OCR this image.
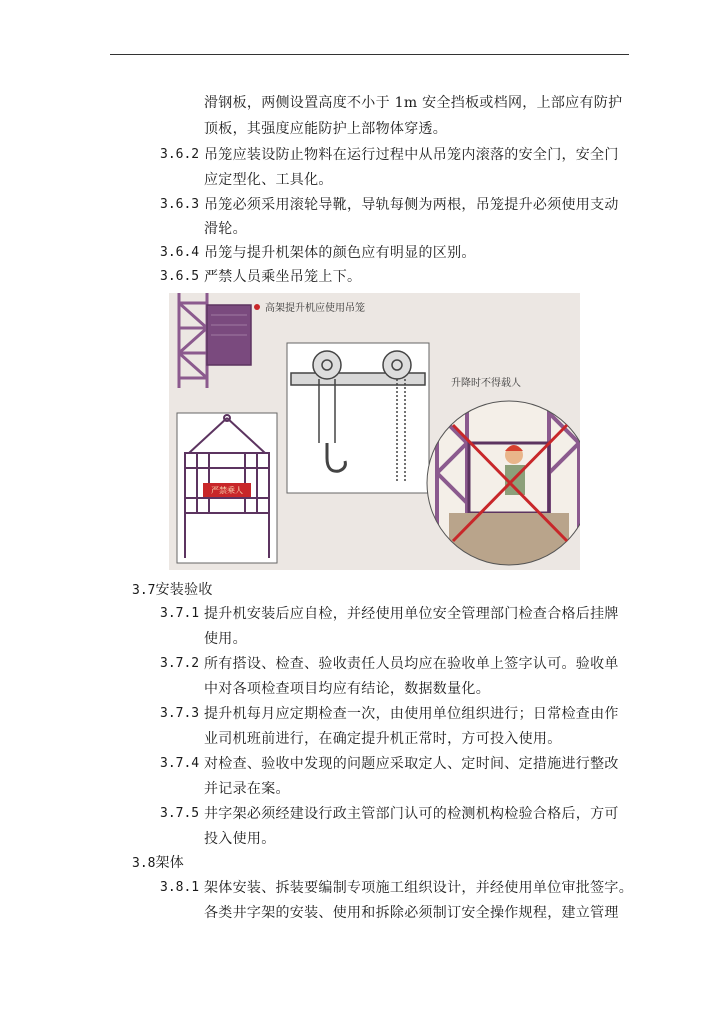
滑钢板，两侧设置高度不小于 1m 安全挡板或档网，上部应有防护
顶板，其强度应能防护上部物体穿透。
3.6.2 吊笼应装设防止物料在运行过程中从吊笼内滚落的安全门，安全门
应定型化、工具化。
3.6.3 吊笼必须采用滚轮导靴，导轨每侧为两根，吊笼提升必须使用支动
滑轮。
3.6.4 吊笼与提升机架体的颜色应有明显的区别。
3.6.5 严禁人员乘坐吊笼上下。
高架提升机应使用吊笼
严禁乘人
升降时不得载人
3.7安装验收
3.7.1 提升机安装后应自检，并经使用单位安全管理部门检查合格后挂牌
使用。
3.7.2 所有搭设、检查、验收责任人员均应在验收单上签字认可。验收单
中对各项检查项目均应有结论，数据数量化。
3.7.3 提升机每月应定期检查一次，由使用单位组织进行；日常检查由作
业司机班前进行，在确定提升机正常时，方可投入使用。
3.7.4 对检查、验收中发现的问题应采取定人、定时间、定措施进行整改
并记录在案。
3.7.5 井字架必须经建设行政主管部门认可的检测机构检验合格后，方可
投入使用。
3.8架体
3.8.1 架体安装、拆装要编制专项施工组织设计，并经使用单位审批签字。
各类井字架的安装、使用和拆除必须制订安全操作规程，建立管理
